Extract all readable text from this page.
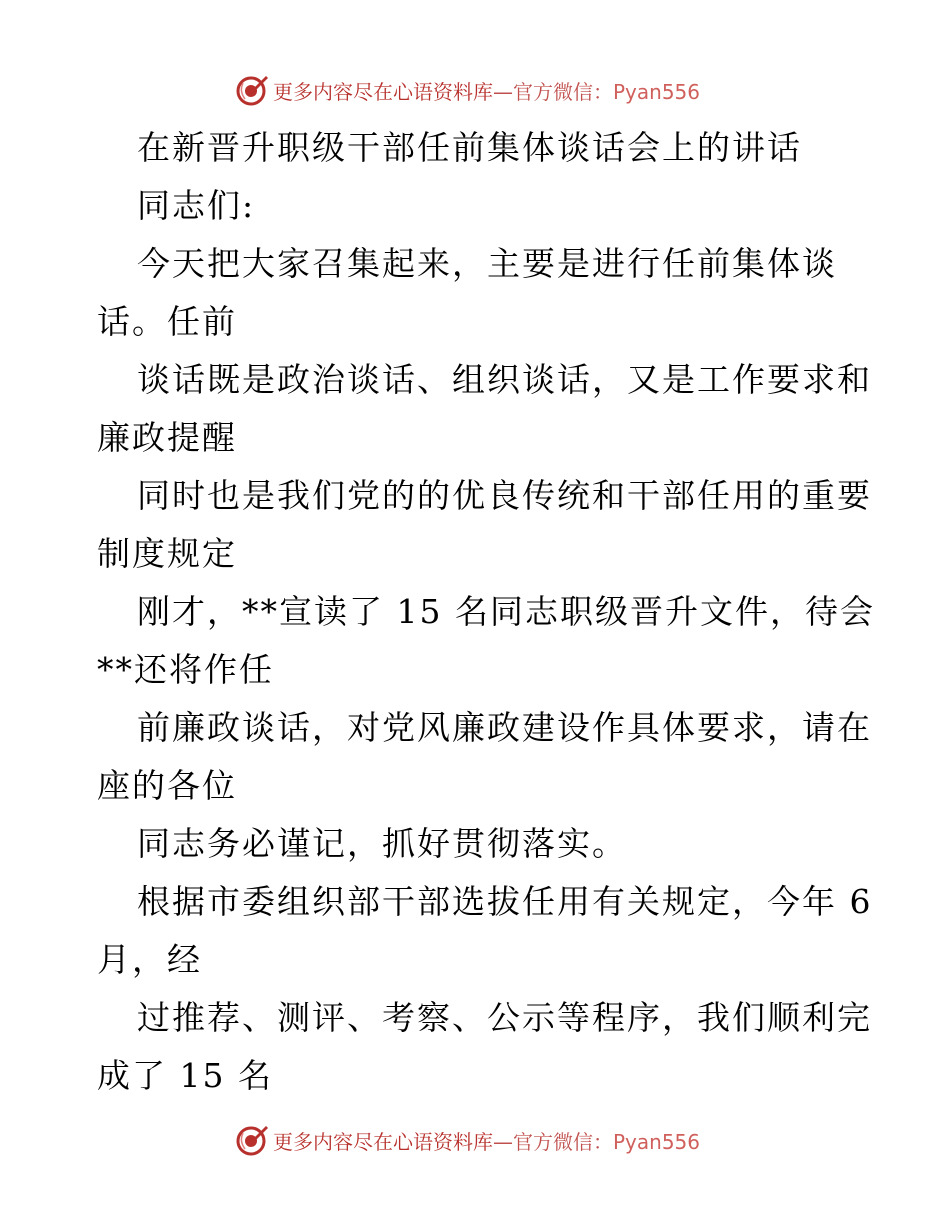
更多内容尽在心语资料库—官方微信：Pyan556
在新晋升职级干部任前集体谈话会上的讲话
同志们:
今天把大家召集起来，主要是进行任前集体谈
话。任前
谈话既是政治谈话、组织谈话，又是工作要求和
廉政提醒
同时也是我们党的的优良传统和干部任用的重要
制度规定
刚才，**宣读了 15 名同志职级晋升文件，待会
**还将作任
前廉政谈话，对党风廉政建设作具体要求，请在
座的各位
同志务必谨记，抓好贯彻落实。
根据市委组织部干部选拔任用有关规定，今年 6
月，经
过推荐、测评、考察、公示等程序，我们顺利完
成了 15 名
更多内容尽在心语资料库—官方微信：Pyan556
